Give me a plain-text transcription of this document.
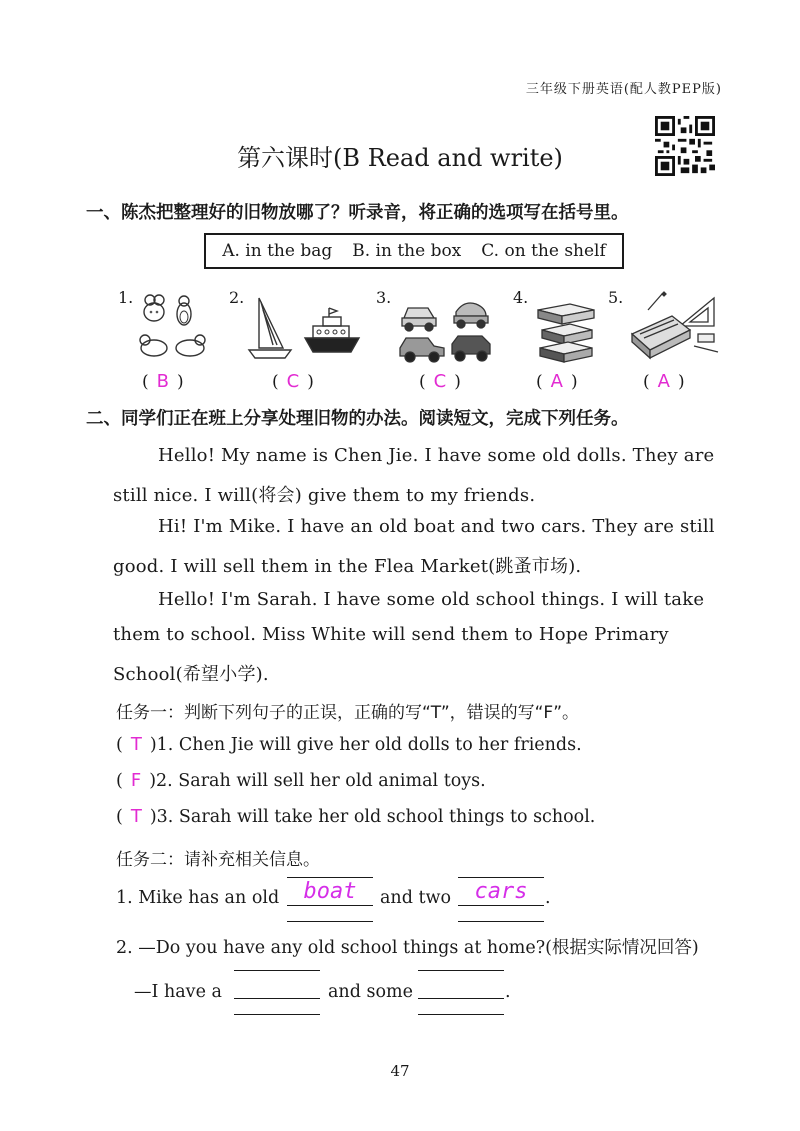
三年级下册英语(配人教PEP版)
第六课时(B Read and write)
一、陈杰把整理好的旧物放哪了？听录音，将正确的选项写在括号里。
A. in the bag B. in the box C. on the shelf
1.	2.	3.	4.	5.
( B )	( C )	( C )	( A )	( A )
二、同学们正在班上分享处理旧物的办法。阅读短文，完成下列任务。
Hello! My name is Chen Jie. I have some old dolls. They are
still nice. I will(将会) give them to my friends.
Hi! I'm Mike. I have an old boat and two cars. They are still
good. I will sell them in the Flea Market(跳蚤市场).
Hello! I'm Sarah. I have some old school things. I will take
them to school. Miss White will send them to Hope Primary
School(希望小学).
任务一：判断下列句子的正误，正确的写“T”，错误的写“F”。
( T )1. Chen Jie will give her old dolls to her friends.
( F )2. Sarah will sell her old animal toys.
( T )3. Sarah will take her old school things to school.
任务二：请补充相关信息。
1. Mike has an old	boat	and two	cars	.
2. —Do you have any old school things at home?(根据实际情况回答)
—I have a	and some	.
47
